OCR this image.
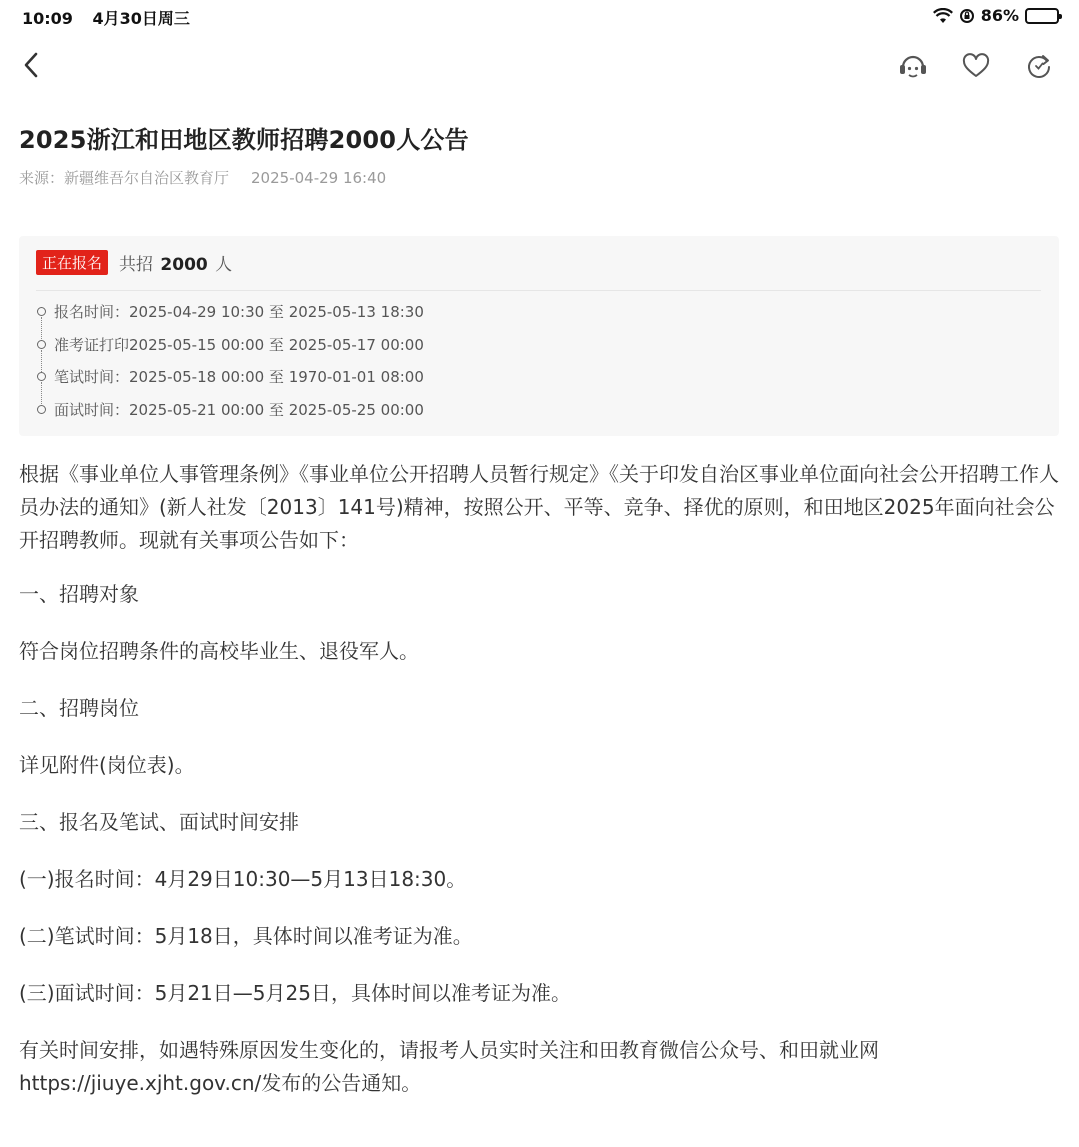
10:09 4月30日周三	86%
2025浙江和田地区教师招聘2000人公告
来源：新疆维吾尔自治区教育厅 2025-04-29 16:40
正在报名	共招 2000 人
报名时间：2025-04-29 10:30 至 2025-05-13 18:30
准考证打印2025-05-15 00:00 至 2025-05-17 00:00
笔试时间：2025-05-18 00:00 至 1970-01-01 08:00
面试时间：2025-05-21 00:00 至 2025-05-25 00:00

根据《事业单位人事管理条例》《事业单位公开招聘人员暂行规定》《关于印发自治区事业单位面向社会公开招聘工作人员办法的通知》(新人社发〔2013〕141号)精神，按照公开、平等、竞争、择优的原则，和田地区2025年面向社会公开招聘教师。现就有关事项公告如下：

一、招聘对象

符合岗位招聘条件的高校毕业生、退役军人。

二、招聘岗位

详见附件(岗位表)。

三、报名及笔试、面试时间安排

(一)报名时间：4月29日10:30—5月13日18:30。

(二)笔试时间：5月18日，具体时间以准考证为准。

(三)面试时间：5月21日—5月25日，具体时间以准考证为准。

有关时间安排，如遇特殊原因发生变化的，请报考人员实时关注和田教育微信公众号、和田就业网https://jiuye.xjht.gov.cn/发布的公告通知。
